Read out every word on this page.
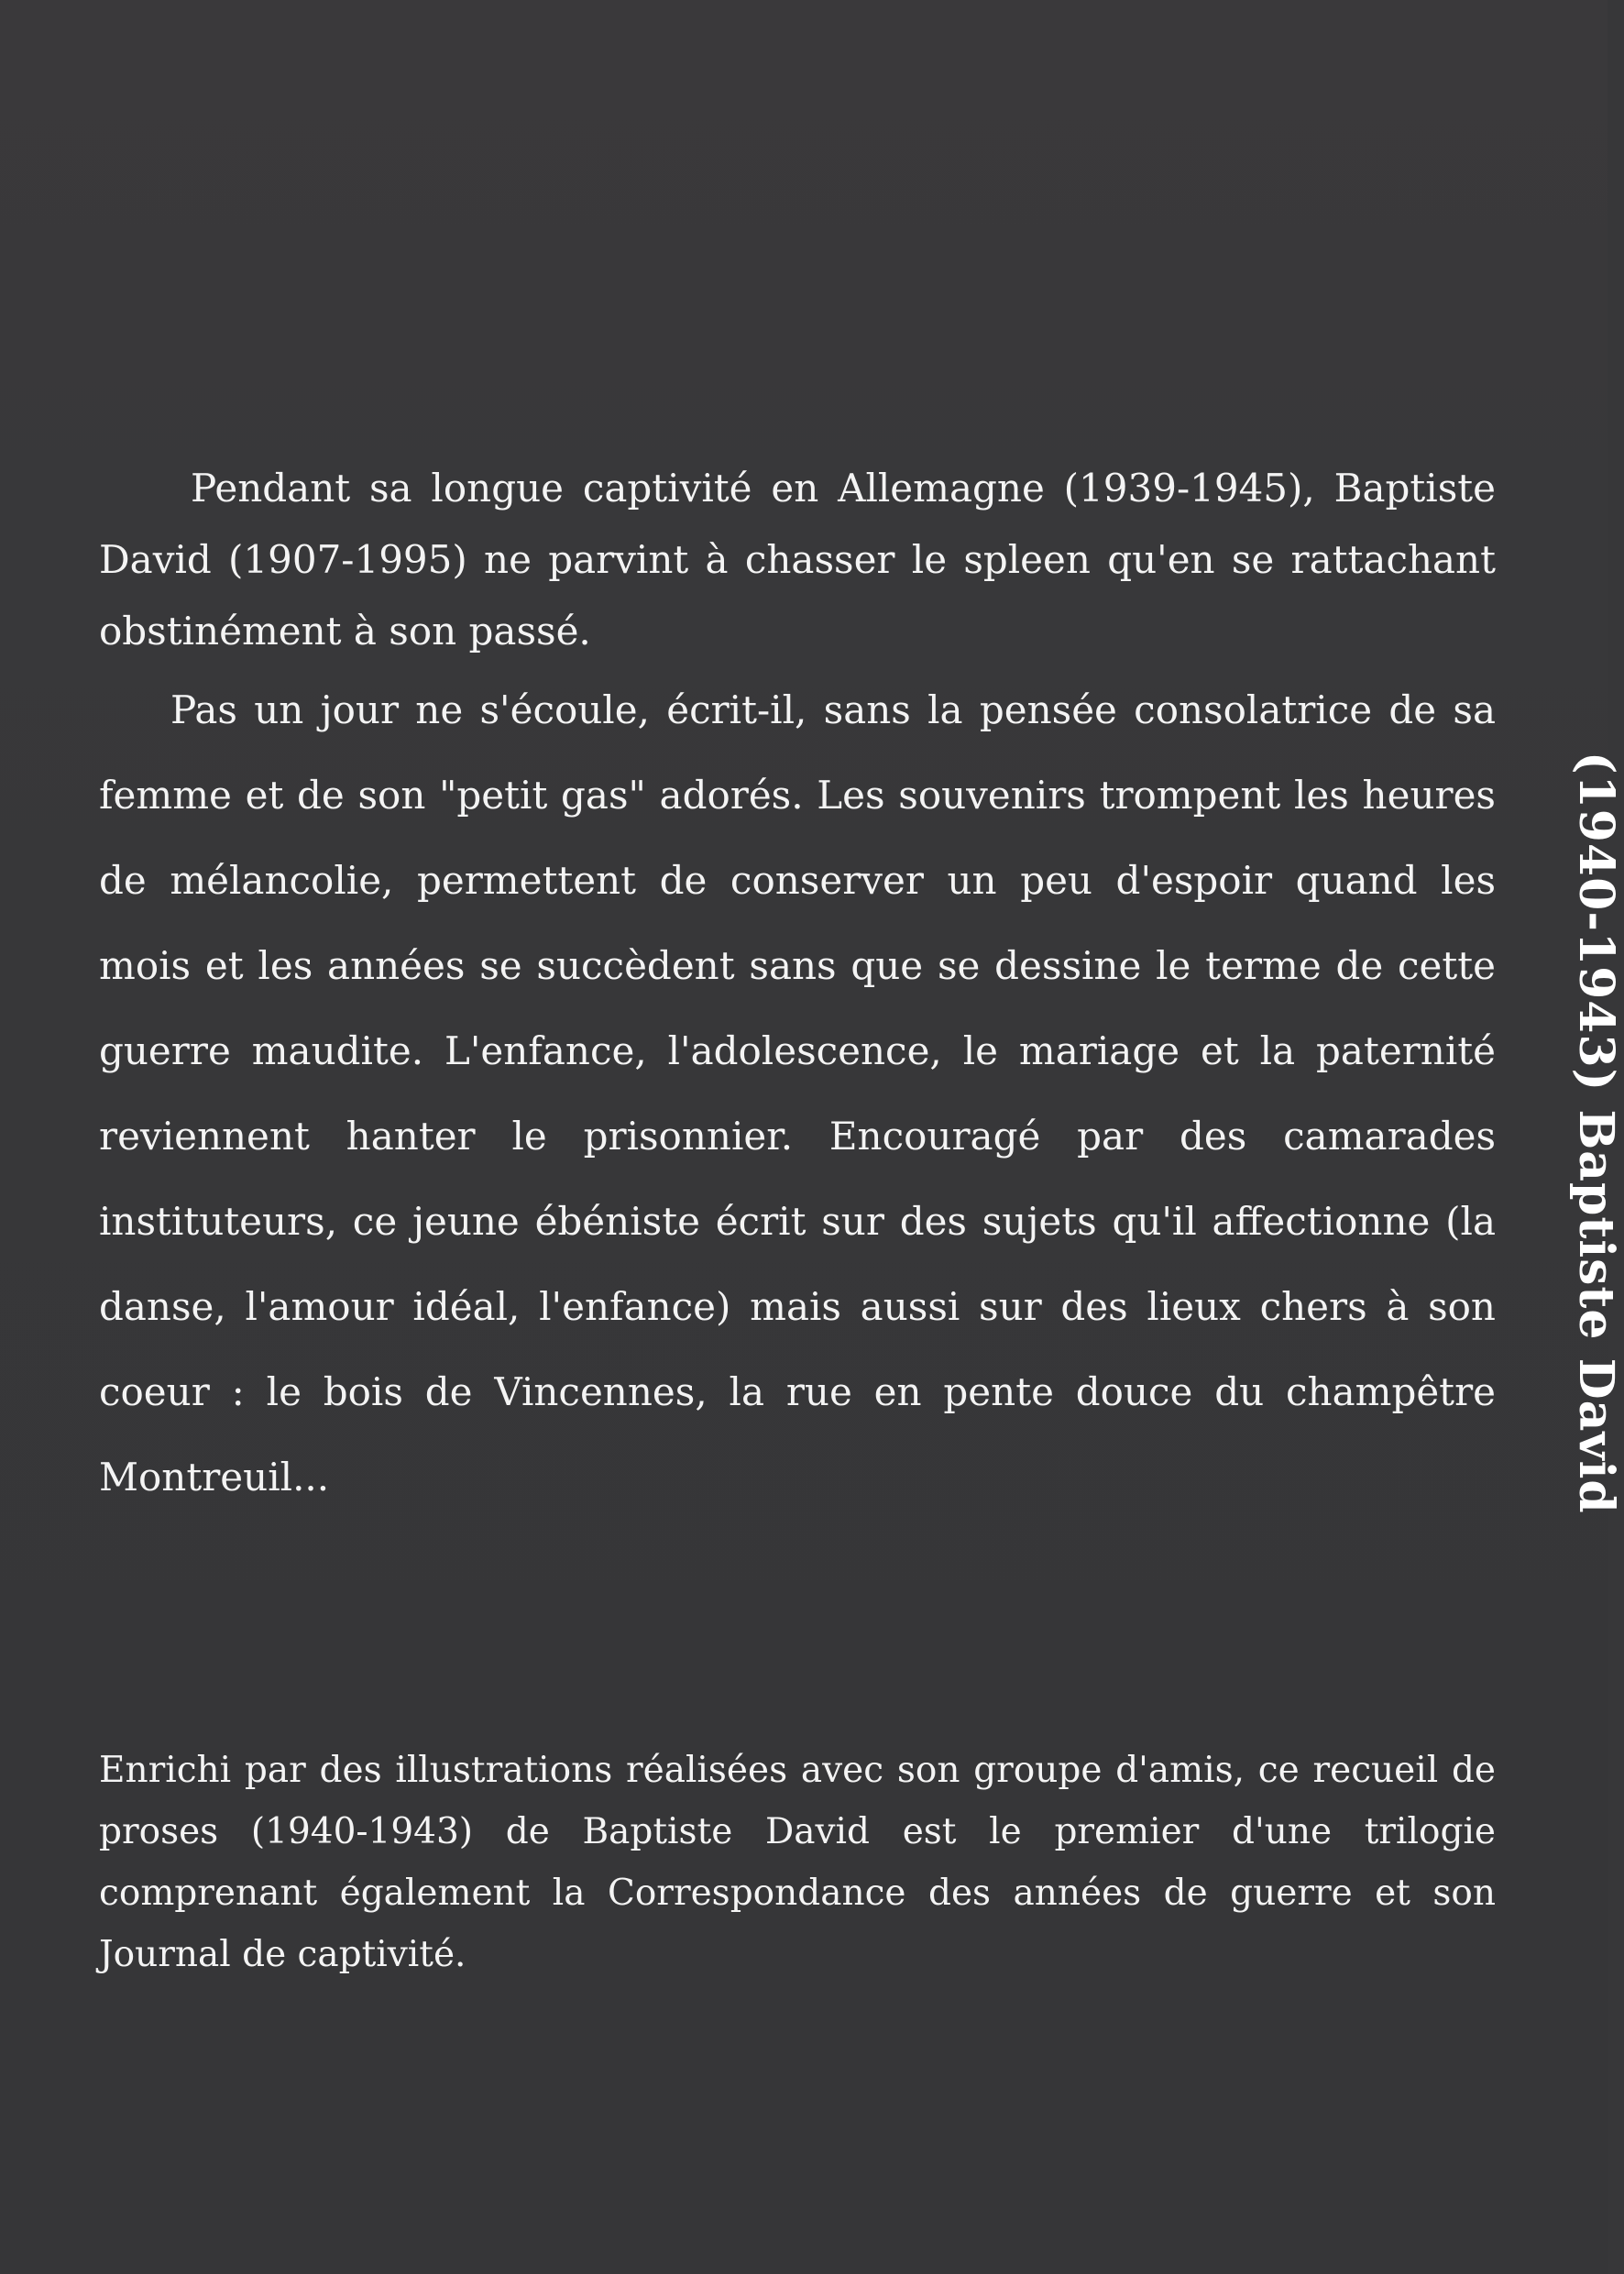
Pendant sa longue captivité en Allemagne (1939-1945), Baptiste David (1907-1995) ne parvint à chasser le spleen qu'en se rattachant obstinément à son passé.

Pas un jour ne s'écoule, écrit-il, sans la pensée consolatrice de sa femme et de son "petit gas" adorés. Les souvenirs trompent les heures de mélancolie, permettent de conserver un peu d'espoir quand les mois et les années se succèdent sans que se dessine le terme de cette guerre maudite. L'enfance, l'adolescence, le mariage et la paternité reviennent hanter le prisonnier. Encouragé par des camarades instituteurs, ce jeune ébéniste écrit sur des sujets qu'il affectionne (la danse, l'amour idéal, l'enfance) mais aussi sur des lieux chers à son coeur : le bois de Vincennes, la rue en pente douce du champêtre Montreuil...

Enrichi par des illustrations réalisées avec son groupe d'amis, ce recueil de proses (1940-1943) de Baptiste David est le premier d'une trilogie comprenant également la Correspondance des années de guerre et son Journal de captivité.

(1940-1943) Baptiste David
